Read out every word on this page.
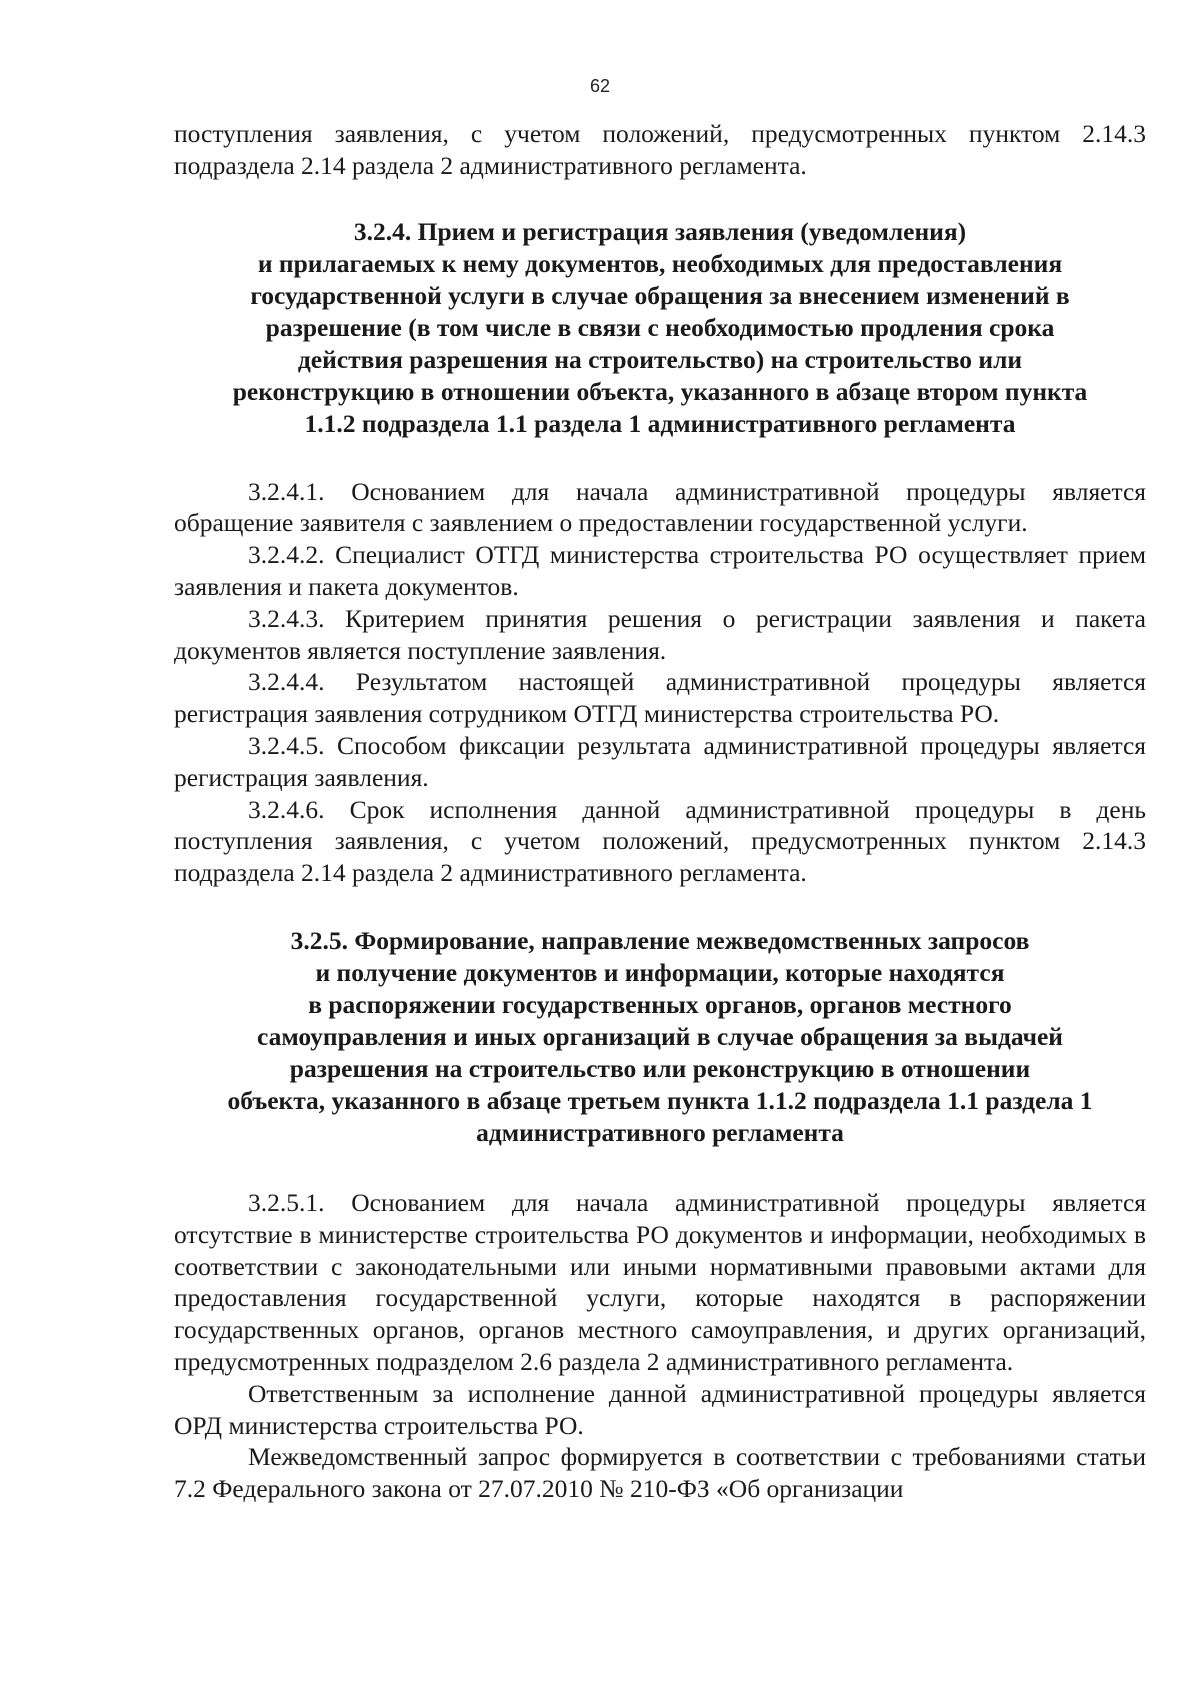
62

поступления заявления, с учетом положений, предусмотренных пунктом 2.14.3 подраздела 2.14 раздела 2 административного регламента.

3.2.4. Прием и регистрация заявления (уведомления)
и прилагаемых к нему документов, необходимых для предоставления
государственной услуги в случае обращения за внесением изменений в
разрешение (в том числе в связи с необходимостью продления срока
действия разрешения на строительство) на строительство или
реконструкцию в отношении объекта, указанного в абзаце втором пункта
1.1.2 подраздела 1.1 раздела 1 административного регламента

3.2.4.1. Основанием для начала административной процедуры является обращение заявителя с заявлением о предоставлении государственной услуги.

3.2.4.2. Специалист ОТГД министерства строительства РО осуществляет прием заявления и пакета документов.

3.2.4.3. Критерием принятия решения о регистрации заявления и пакета документов является поступление заявления.

3.2.4.4. Результатом настоящей административной процедуры является регистрация заявления сотрудником ОТГД министерства строительства РО.

3.2.4.5. Способом фиксации результата административной процедуры является регистрация заявления.

3.2.4.6. Срок исполнения данной административной процедуры в день поступления заявления, с учетом положений, предусмотренных пунктом 2.14.3 подраздела 2.14 раздела 2 административного регламента.

3.2.5. Формирование, направление межведомственных запросов
и получение документов и информации, которые находятся
в распоряжении государственных органов, органов местного
самоуправления и иных организаций в случае обращения за выдачей
разрешения на строительство или реконструкцию в отношении
объекта, указанного в абзаце третьем пункта 1.1.2 подраздела 1.1 раздела 1
административного регламента

3.2.5.1. Основанием для начала административной процедуры является отсутствие в министерстве строительства РО документов и информации, необходимых в соответствии с законодательными или иными нормативными правовыми актами для предоставления государственной услуги, которые находятся в распоряжении государственных органов, органов местного самоуправления, и других организаций, предусмотренных подразделом 2.6 раздела 2 административного регламента.

Ответственным за исполнение данной административной процедуры является ОРД министерства строительства РО.

Межведомственный запрос формируется в соответствии с требованиями статьи 7.2 Федерального закона от 27.07.2010 № 210-ФЗ «Об организации
